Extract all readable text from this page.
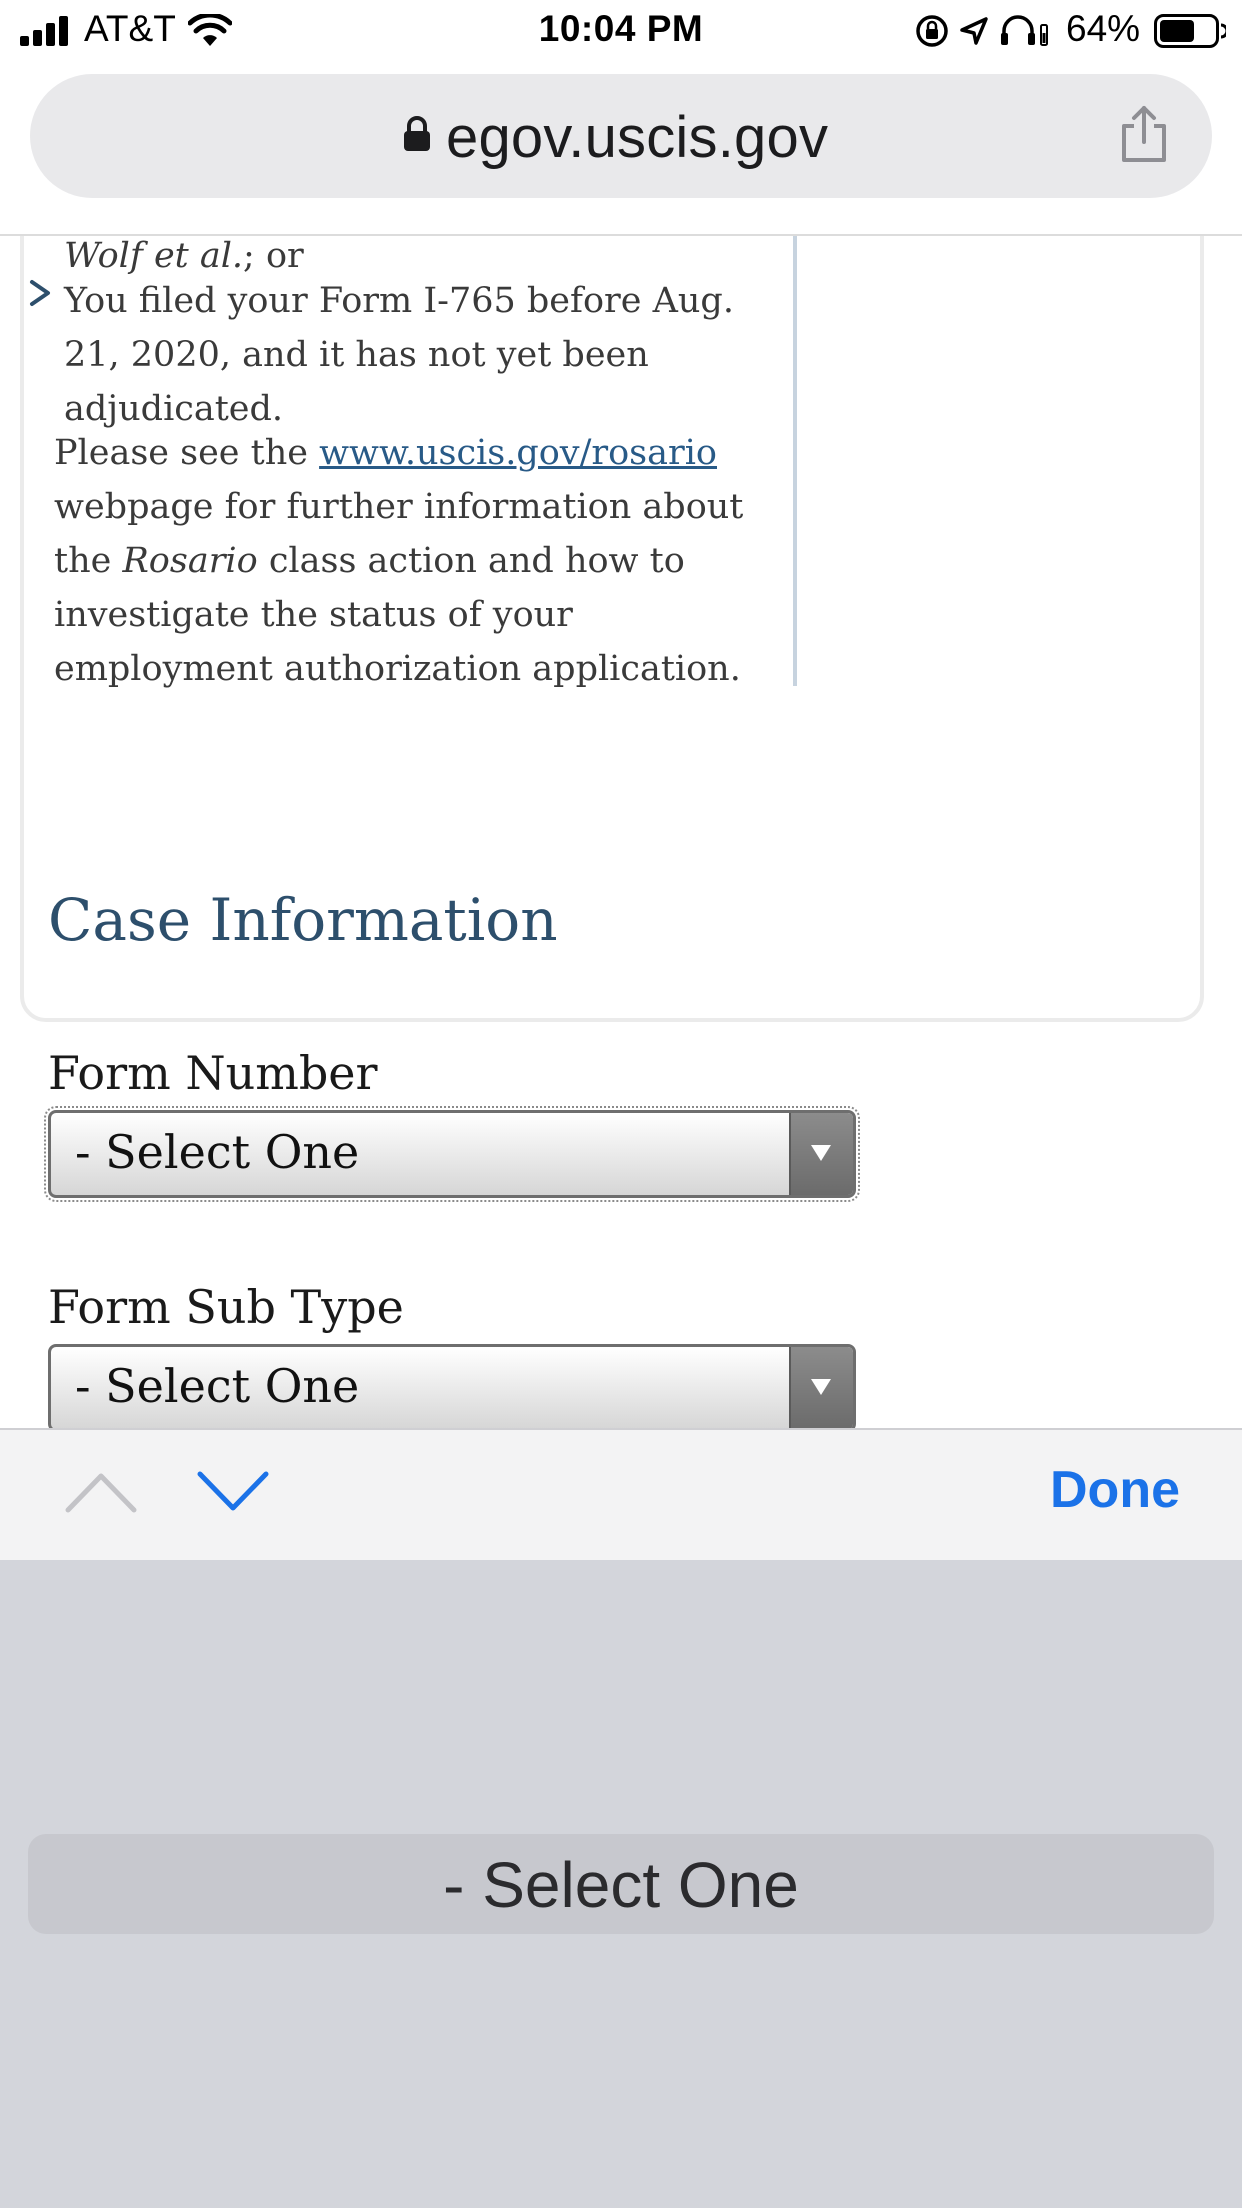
AT&T	10:04 PM	64%
egov.uscis.gov
Wolf et al.; or
You filed your Form I-765 before Aug. 21, 2020, and it has not yet been adjudicated.
Please see the www.uscis.gov/rosario webpage for further information about the Rosario class action and how to investigate the status of your employment authorization application.
Case Information
Form Number
- Select One
Form Sub Type
- Select One
Done
- Select One
